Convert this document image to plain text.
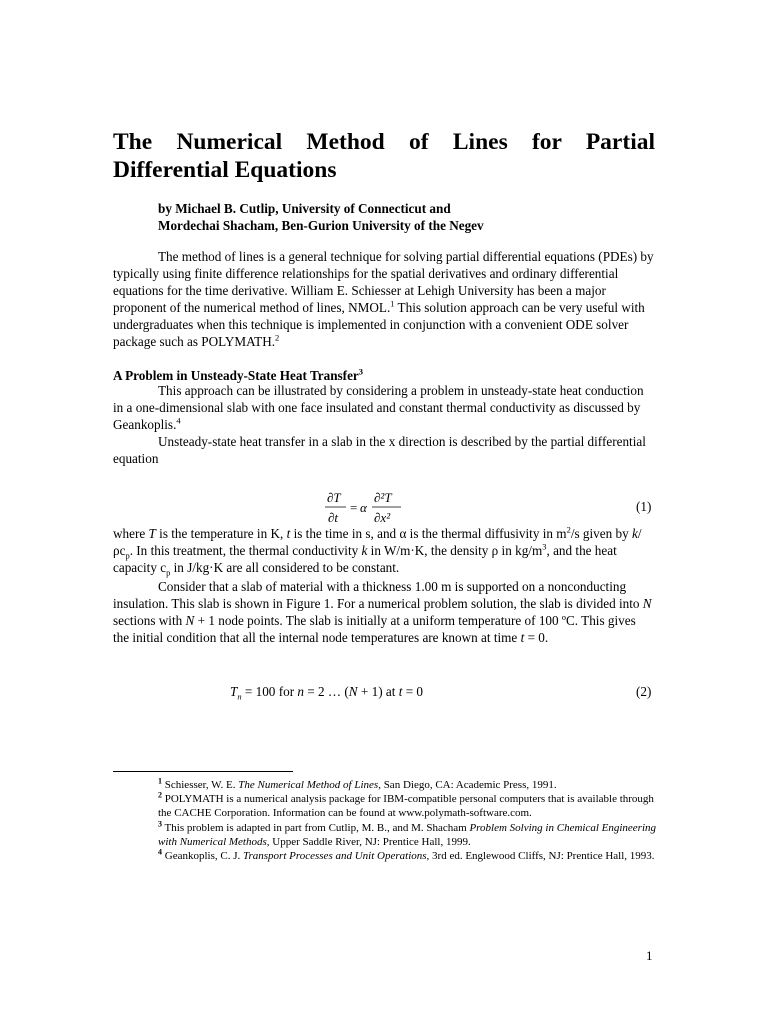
The Numerical Method of Lines for Partial Differential Equations
by Michael B. Cutlip, University of Connecticut and
Mordechai Shacham, Ben-Gurion University of the Negev

The method of lines is a general technique for solving partial differential equations (PDEs) by typically using finite difference relationships for the spatial derivatives and ordinary differential equations for the time derivative. William E. Schiesser at Lehigh University has been a major proponent of the numerical method of lines, NMOL.$^1$ This solution approach can be very useful with undergraduates when this technique is implemented in conjunction with a convenient ODE solver package such as POLYMATH.$^2$

A Problem in Unsteady-State Heat Transfer$^3$

This approach can be illustrated by considering a problem in unsteady-state heat conduction in a one-dimensional slab with one face insulated and constant thermal conductivity as discussed by Geankoplis.$^4$

Unsteady-state heat transfer in a slab in the x direction is described by the partial differential equation

∂T
∂t
= α
∂²T
∂x²
(1)

where T is the temperature in K, t is the time in s, and α is the thermal diffusivity in $m^2/s$ given by $k/\rho c_p$. In this treatment, the thermal conductivity k in W/m·K, the density ρ in $kg/m^3$, and the heat capacity $c_p$ in J/kg·K are all considered to be constant.

Consider that a slab of material with a thickness 1.00 m is supported on a nonconducting insulation. This slab is shown in Figure 1. For a numerical problem solution, the slab is divided into N sections with N + 1 node points. The slab is initially at a uniform temperature of 100 ºC. This gives the initial condition that all the internal node temperatures are known at time t = 0.

$T_n = 100$ for n = 2 … (N + 1) at t = 0	(2)

$^1$ Schiesser, W. E. The Numerical Method of Lines, San Diego, CA: Academic Press, 1991.

$^2$ POLYMATH is a numerical analysis package for IBM-compatible personal computers that is available through the CACHE Corporation. Information can be found at www.polymath-software.com.

$^3$ This problem is adapted in part from Cutlip, M. B., and M. Shacham Problem Solving in Chemical Engineering with Numerical Methods, Upper Saddle River, NJ: Prentice Hall, 1999.

$^4$ Geankoplis, C. J. Transport Processes and Unit Operations, 3rd ed. Englewood Cliffs, NJ: Prentice Hall, 1993.

1
